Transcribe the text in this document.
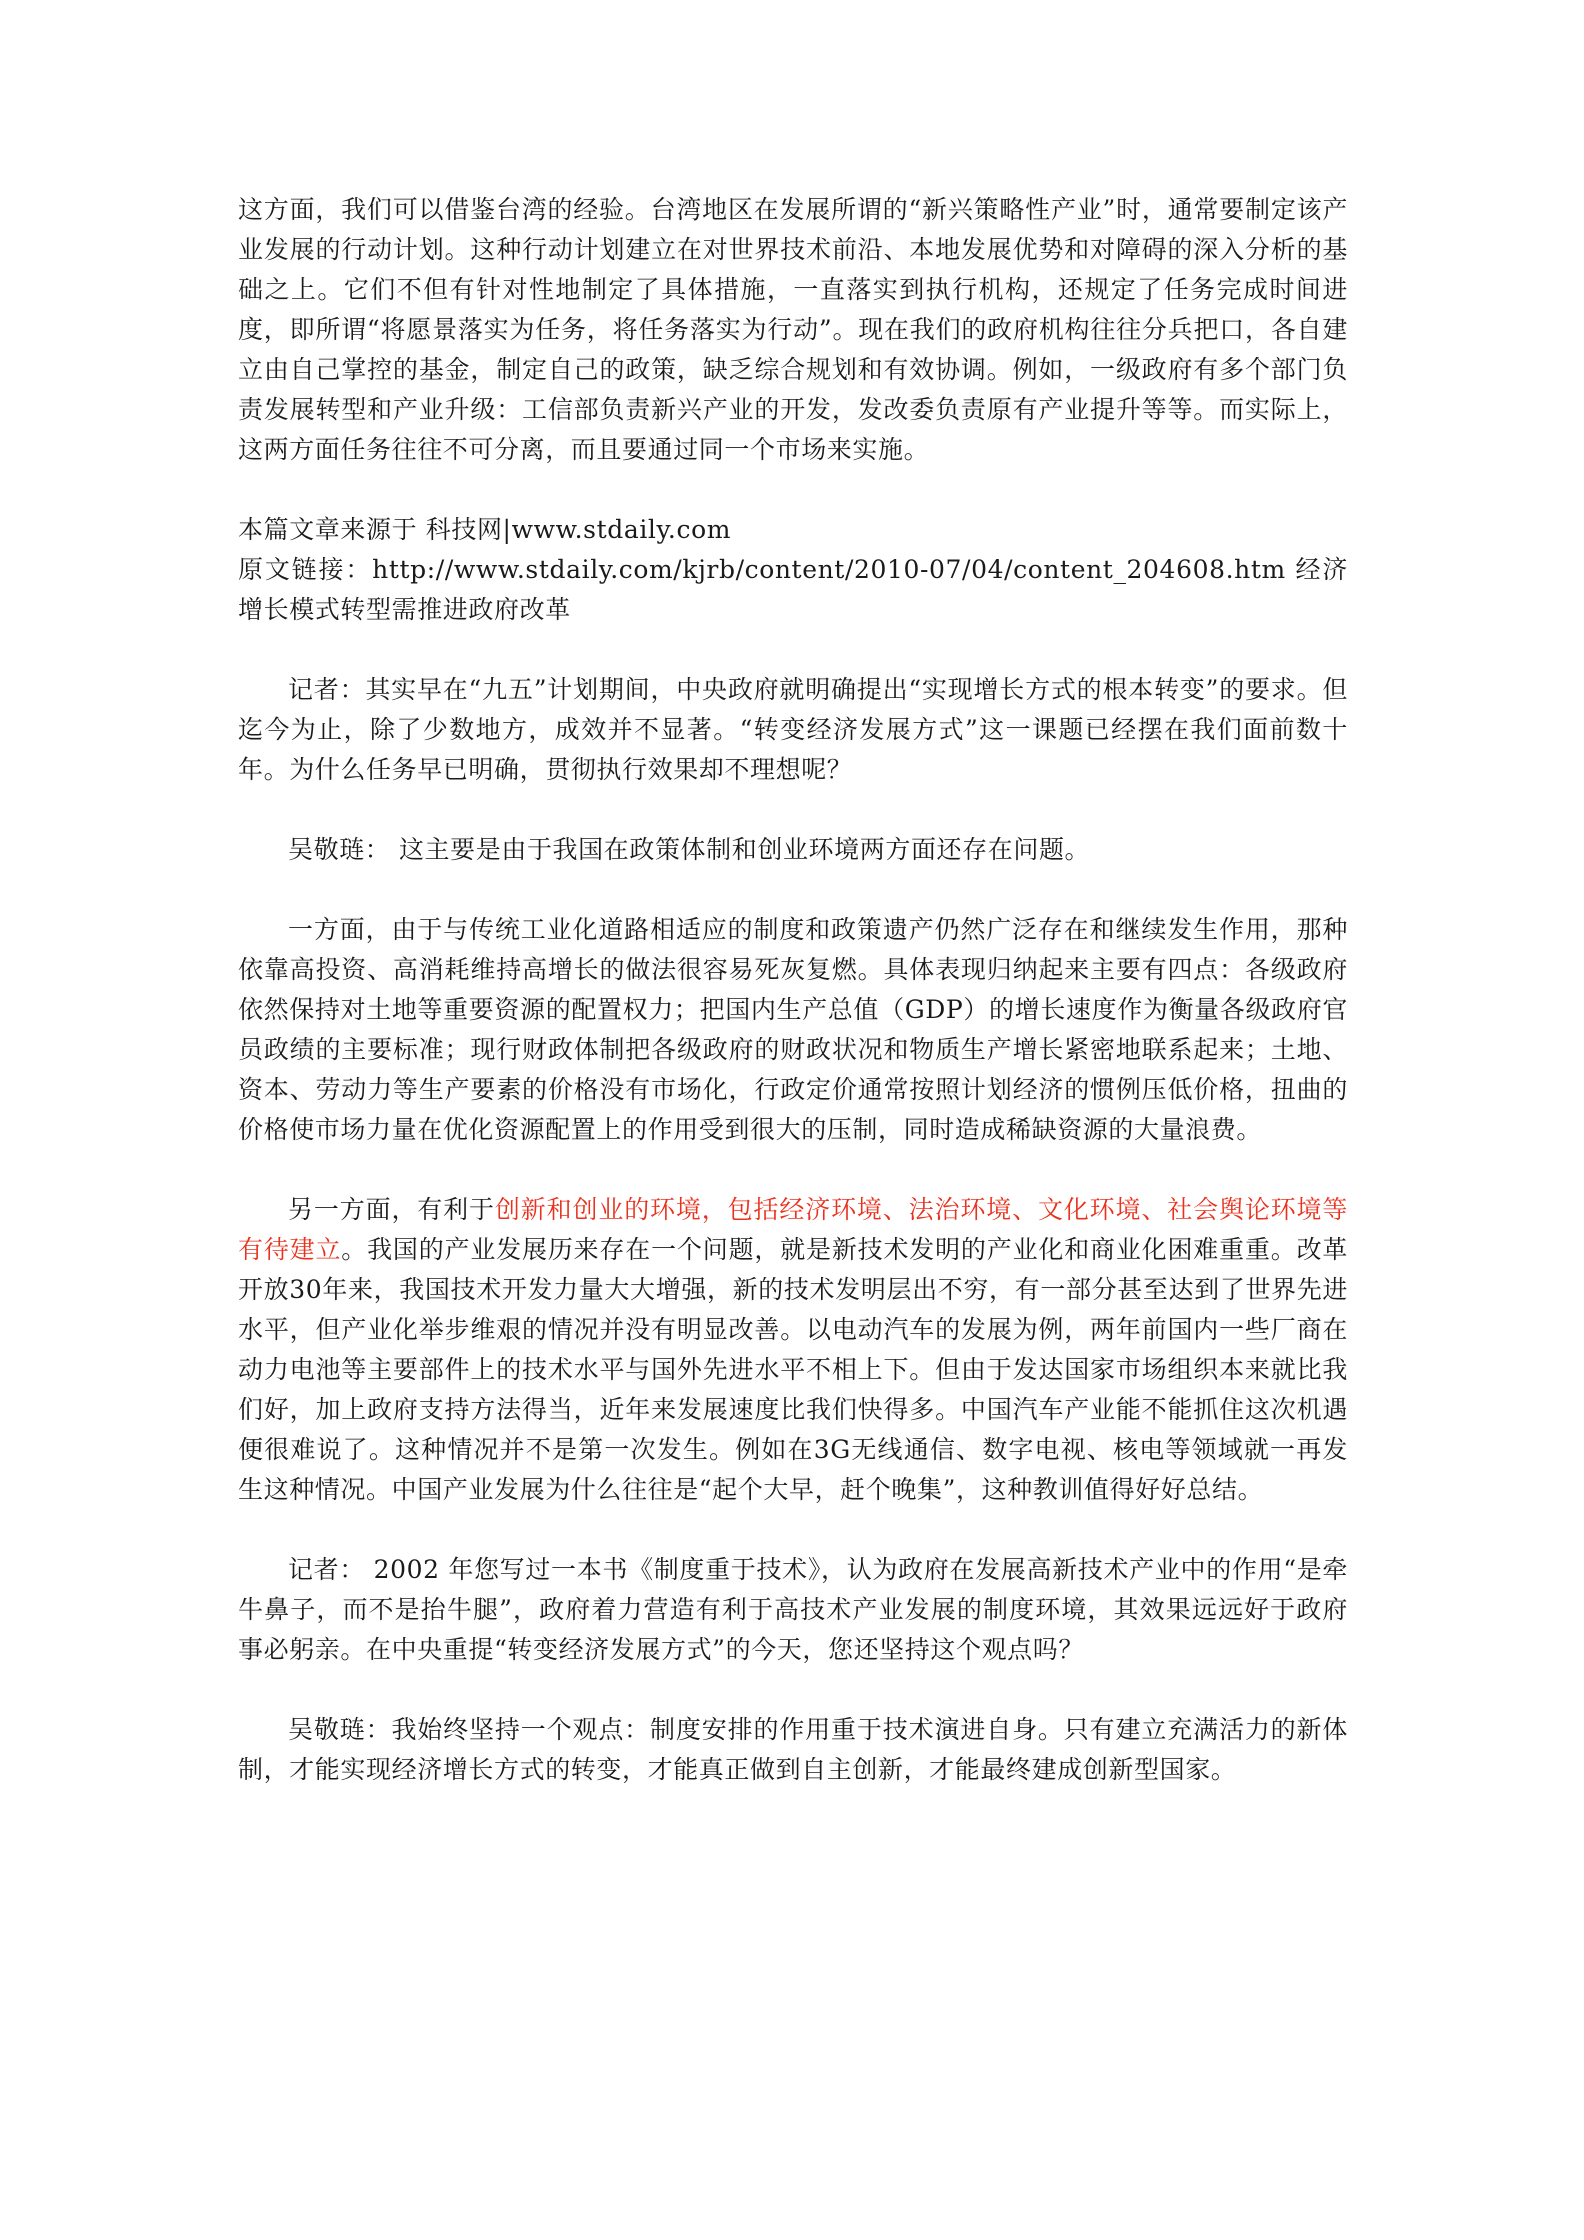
这方面，我们可以借鉴台湾的经验。台湾地区在发展所谓的“新兴策略性产业”时，通常要制定该产业发展的行动计划。这种行动计划建立在对世界技术前沿、本地发展优势和对障碍的深入分析的基础之上。它们不但有针对性地制定了具体措施，一直落实到执行机构，还规定了任务完成时间进度，即所谓“将愿景落实为任务，将任务落实为行动”。现在我们的政府机构往往分兵把口，各自建立由自己掌控的基金，制定自己的政策，缺乏综合规划和有效协调。例如，一级政府有多个部门负责发展转型和产业升级：工信部负责新兴产业的开发，发改委负责原有产业提升等等。而实际上，这两方面任务往往不可分离，而且要通过同一个市场来实施。

本篇文章来源于 科技网|www.stdaily.com

原文链接：http://www.stdaily.com/kjrb/content/2010-07/04/content_204608.htm 经济增长模式转型需推进政府改革

记者：其实早在“九五”计划期间，中央政府就明确提出“实现增长方式的根本转变”的要求。但迄今为止，除了少数地方，成效并不显著。“转变经济发展方式”这一课题已经摆在我们面前数十年。为什么任务早已明确，贯彻执行效果却不理想呢？

吴敬琏： 这主要是由于我国在政策体制和创业环境两方面还存在问题。

一方面，由于与传统工业化道路相适应的制度和政策遗产仍然广泛存在和继续发生作用，那种依靠高投资、高消耗维持高增长的做法很容易死灰复燃。具体表现归纳起来主要有四点：各级政府依然保持对土地等重要资源的配置权力；把国内生产总值（GDP）的增长速度作为衡量各级政府官员政绩的主要标准；现行财政体制把各级政府的财政状况和物质生产增长紧密地联系起来；土地、资本、劳动力等生产要素的价格没有市场化，行政定价通常按照计划经济的惯例压低价格，扭曲的价格使市场力量在优化资源配置上的作用受到很大的压制，同时造成稀缺资源的大量浪费。

另一方面，有利于创新和创业的环境，包括经济环境、法治环境、文化环境、社会舆论环境等有待建立。我国的产业发展历来存在一个问题，就是新技术发明的产业化和商业化困难重重。改革开放30年来，我国技术开发力量大大增强，新的技术发明层出不穷，有一部分甚至达到了世界先进水平，但产业化举步维艰的情况并没有明显改善。以电动汽车的发展为例，两年前国内一些厂商在动力电池等主要部件上的技术水平与国外先进水平不相上下。但由于发达国家市场组织本来就比我们好，加上政府支持方法得当，近年来发展速度比我们快得多。中国汽车产业能不能抓住这次机遇便很难说了。这种情况并不是第一次发生。例如在3G无线通信、数字电视、核电等领域就一再发生这种情况。中国产业发展为什么往往是“起个大早，赶个晚集”，这种教训值得好好总结。

记者： 2002 年您写过一本书《制度重于技术》，认为政府在发展高新技术产业中的作用“是牵牛鼻子，而不是抬牛腿”，政府着力营造有利于高技术产业发展的制度环境，其效果远远好于政府事必躬亲。在中央重提“转变经济发展方式”的今天，您还坚持这个观点吗？

吴敬琏：我始终坚持一个观点：制度安排的作用重于技术演进自身。只有建立充满活力的新体制，才能实现经济增长方式的转变，才能真正做到自主创新，才能最终建成创新型国家。
